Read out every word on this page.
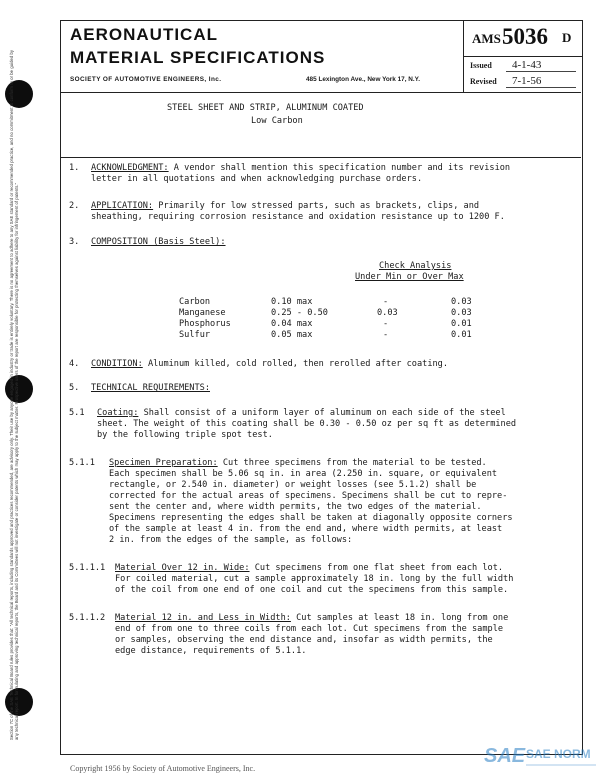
Section 7C of the SAE Technical Board rules provides that: "All technical reports, including standards approved and practices recommended, are advisory only. Their use by anyone engaged in industry or trade is entirely voluntary. There is no agreement to adhere to any SAE standard or recommended practice, and no commitment to conform to or be guided by any technical report. In formulating and approving technical reports, the Board and its Committees will not investigate or consider patents which may apply to the subject matter. Prospective users of the report are responsible for protecting themselves against liability for infringement of patents."
AERONAUTICAL
MATERIAL SPECIFICATIONS
SOCIETY OF AUTOMOTIVE ENGINEERS, Inc.	485 Lexington Ave., New York 17, N.Y.
AMS 5036 D
Issued 4-1-43
Revised 7-1-56
STEEL SHEET AND STRIP, ALUMINUM COATED
Low Carbon
1. ACKNOWLEDGMENT: A vendor shall mention this specification number and its revision
letter in all quotations and when acknowledging purchase orders.
2. APPLICATION: Primarily for low stressed parts, such as brackets, clips, and
sheathing, requiring corrosion resistance and oxidation resistance up to 1200 F.
3. COMPOSITION (Basis Steel):
Check Analysis
Under Min or Over Max
Carbon	0.10 max	-	0.03
Manganese	0.25 - 0.50	0.03	0.03
Phosphorus	0.04 max	-	0.01
Sulfur	0.05 max	-	0.01
4. CONDITION: Aluminum killed, cold rolled, then rerolled after coating.
5. TECHNICAL REQUIREMENTS:
5.1 Coating: Shall consist of a uniform layer of aluminum on each side of the steel
sheet. The weight of this coating shall be 0.30 - 0.50 oz per sq ft as determined
by the following triple spot test.
5.1.1 Specimen Preparation: Cut three specimens from the material to be tested.
Each specimen shall be 5.06 sq in. in area (2.250 in. square, or equivalent
rectangle, or 2.540 in. diameter) or weight losses (see 5.1.2) shall be
corrected for the actual areas of specimens. Specimens shall be cut to repre-
sent the center and, where width permits, the two edges of the material.
Specimens representing the edges shall be taken at diagonally opposite corners
of the sample at least 4 in. from the end and, where width permits, at least
2 in. from the edges of the sample, as follows:
5.1.1.1 Material Over 12 in. Wide: Cut specimens from one flat sheet from each lot.
For coiled material, cut a sample approximately 18 in. long by the full width
of the coil from one end of one coil and cut the specimens from this sample.
5.1.1.2 Material 12 in. and Less in Width: Cut samples at least 18 in. long from one
end of from one to three coils from each lot. Cut specimens from the sample
or samples, observing the end distance and, insofar as width permits, the
edge distance, requirements of 5.1.1.
Copyright 1956 by Society of Automotive Engineers, Inc.
SAE SAE NORM
